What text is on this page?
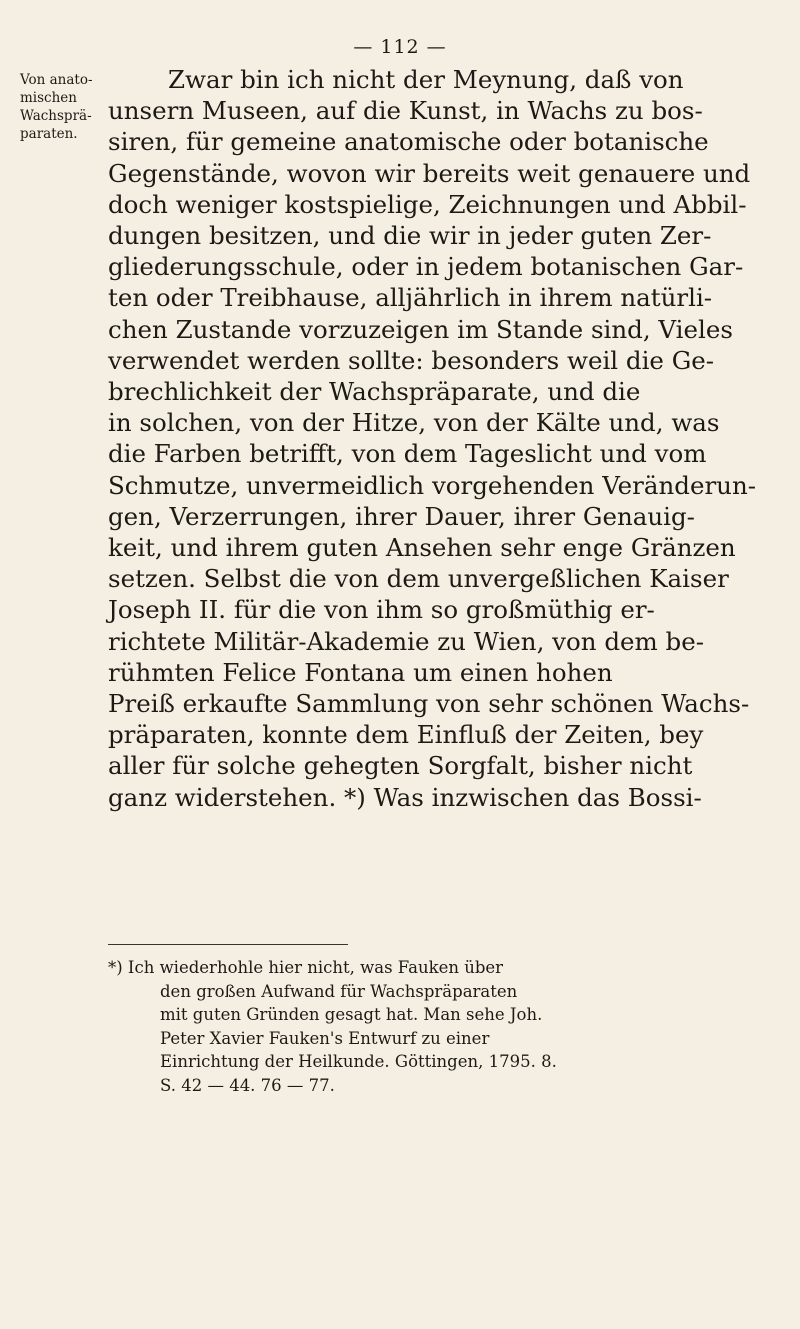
— 112 —
Von anato-
mischen
Wachsprä-
paraten.
Zwar bin ich nicht der Meynung, daß von
unsern Museen, auf die Kunst, in Wachs zu bos-
siren, für gemeine anatomische oder botanische
Gegenstände, wovon wir bereits weit genauere und
doch weniger kostspielige, Zeichnungen und Abbil-
dungen besitzen, und die wir in jeder guten Zer-
gliederungsschule, oder in jedem botanischen Gar-
ten oder Treibhause, alljährlich in ihrem natürli-
chen Zustande vorzuzeigen im Stande sind, Vieles
verwendet werden sollte: besonders weil die Ge-
brechlichkeit der Wachspräparate, und die
in solchen, von der Hitze, von der Kälte und, was
die Farben betrifft, von dem Tageslicht und vom
Schmutze, unvermeidlich vorgehenden Veränderun-
gen, Verzerrungen, ihrer Dauer, ihrer Genauig-
keit, und ihrem guten Ansehen sehr enge Gränzen
setzen. Selbst die von dem unvergeßlichen Kaiser
Joseph II. für die von ihm so großmüthig er-
richtete Militär-Akademie zu Wien, von dem be-
rühmten Felice Fontana um einen hohen
Preiß erkaufte Sammlung von sehr schönen Wachs-
präparaten, konnte dem Einfluß der Zeiten, bey
aller für solche gehegten Sorgfalt, bisher nicht
ganz widerstehen. *) Was inzwischen das Bossi-
*) Ich wiederhohle hier nicht, was Fauken über
den großen Aufwand für Wachspräparaten
mit guten Gründen gesagt hat. Man sehe Joh.
Peter Xavier Fauken's Entwurf zu einer
Einrichtung der Heilkunde. Göttingen, 1795. 8.
S. 42 — 44. 76 — 77.
